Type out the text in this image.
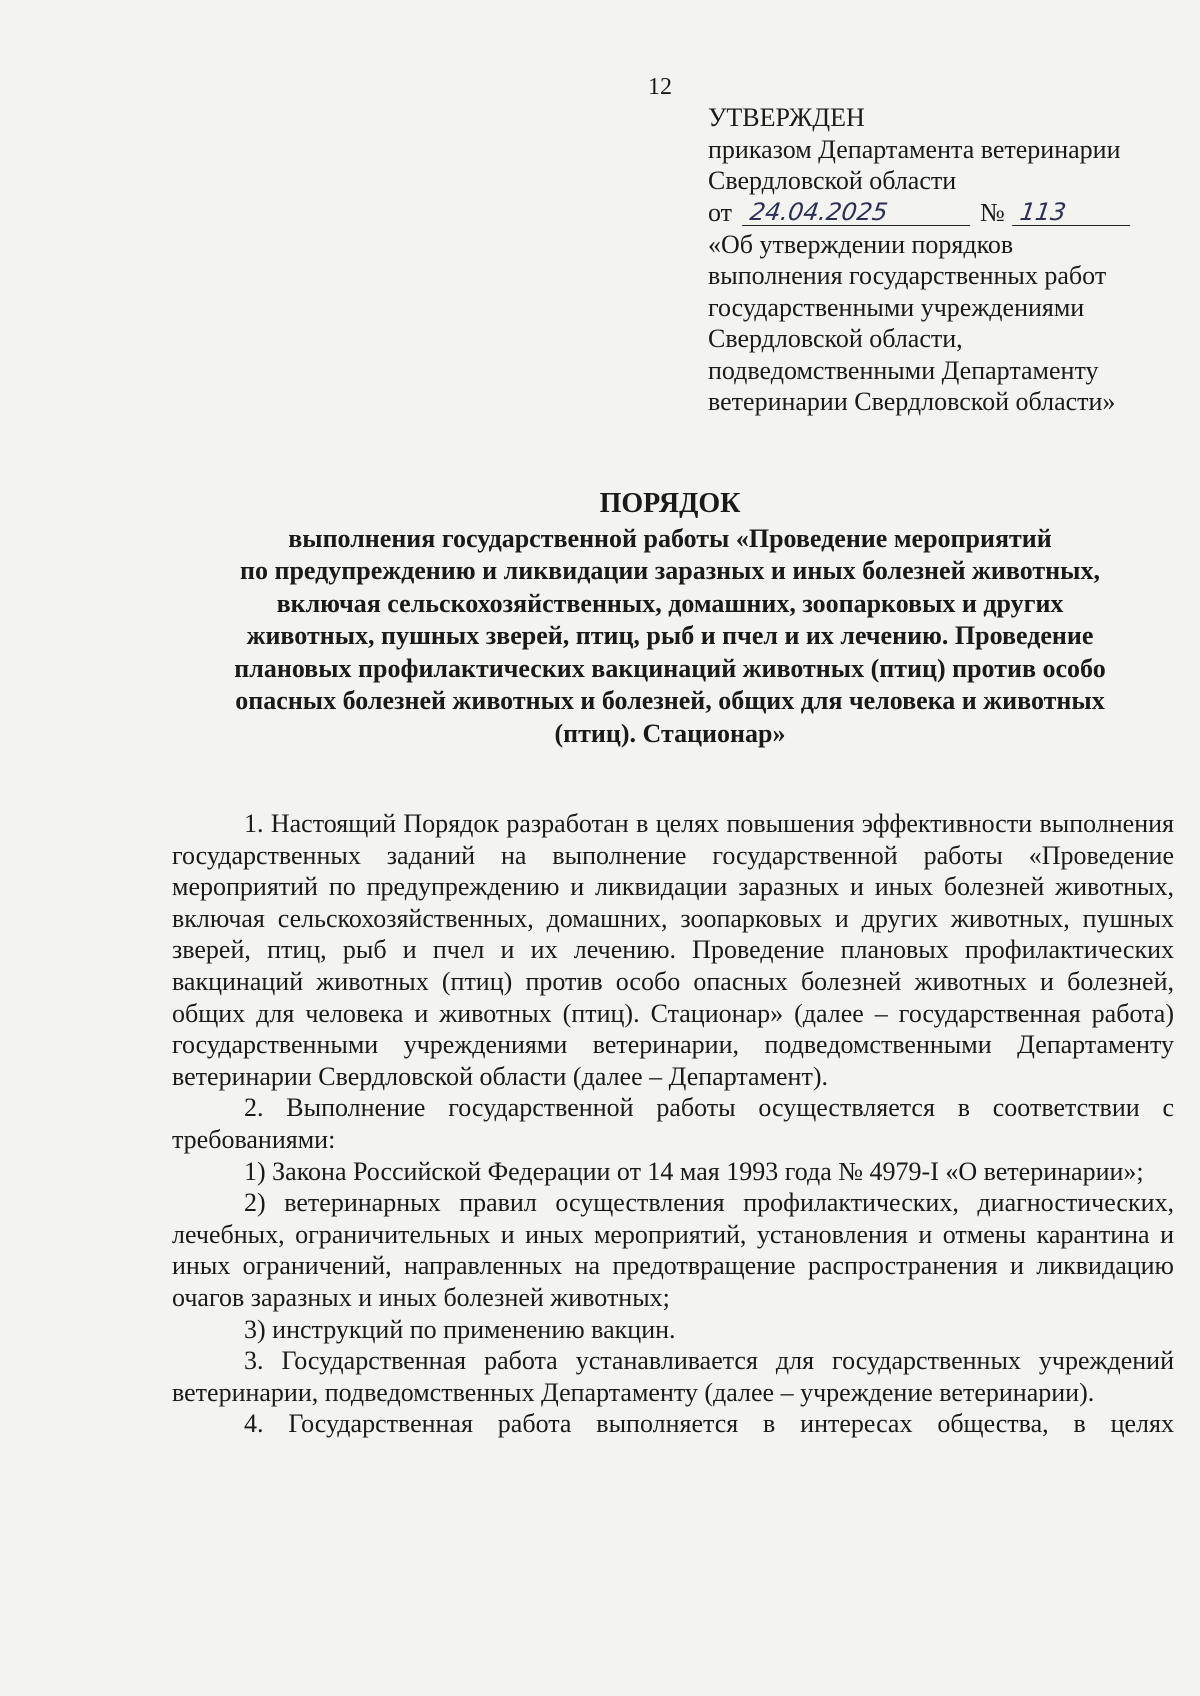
12
УТВЕРЖДЕН
приказом Департамента ветеринарии
Свердловской области
от 24.04.2025	№ 113
«Об утверждении порядков
выполнения государственных работ
государственными учреждениями
Свердловской области,
подведомственными Департаменту
ветеринарии Свердловской области»
ПОРЯДОК
выполнения государственной работы «Проведение мероприятий
по предупреждению и ликвидации заразных и иных болезней животных,
включая сельскохозяйственных, домашних, зоопарковых и других
животных, пушных зверей, птиц, рыб и пчел и их лечению. Проведение
плановых профилактических вакцинаций животных (птиц) против особо
опасных болезней животных и болезней, общих для человека и животных
(птиц). Стационар»

1. Настоящий Порядок разработан в целях повышения эффективности выполнения государственных заданий на выполнение государственной работы «Проведение мероприятий по предупреждению и ликвидации заразных и иных болезней животных, включая сельскохозяйственных, домашних, зоопарковых и других животных, пушных зверей, птиц, рыб и пчел и их лечению. Проведение плановых профилактических вакцинаций животных (птиц) против особо опасных болезней животных и болезней, общих для человека и животных (птиц). Стационар» (далее – государственная работа) государственными учреждениями ветеринарии, подведомственными Департаменту ветеринарии Свердловской области (далее – Департамент).

2. Выполнение государственной работы осуществляется в соответствии с требованиями:

1) Закона Российской Федерации от 14 мая 1993 года № 4979-I «О ветеринарии»;

2) ветеринарных правил осуществления профилактических, диагностических, лечебных, ограничительных и иных мероприятий, установления и отмены карантина и иных ограничений, направленных на предотвращение распространения и ликвидацию очагов заразных и иных болезней животных;

3) инструкций по применению вакцин.

3. Государственная работа устанавливается для государственных учреждений ветеринарии, подведомственных Департаменту (далее – учреждение ветеринарии).

4. Государственная работа выполняется в интересах общества, в целях
